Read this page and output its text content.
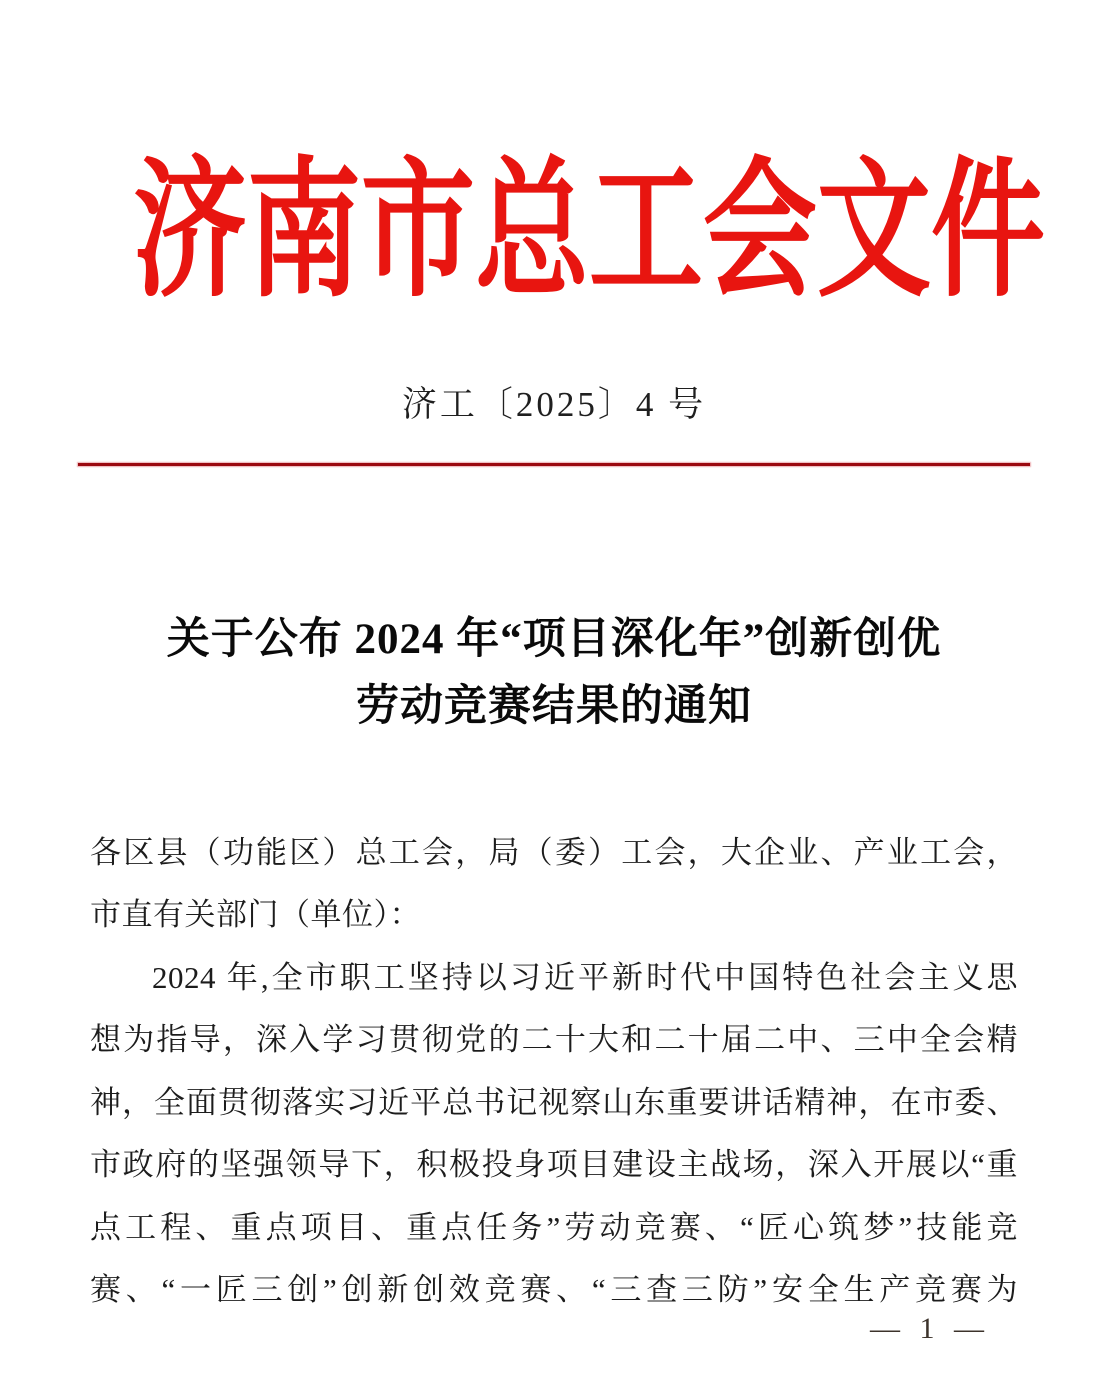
济南市总工会文件
济工〔2025〕4 号
关于公布 2024 年“项目深化年”创新创优
劳动竞赛结果的通知
各区县（功能区）总工会，局（委）工会，大企业、产业工会，
市直有关部门（单位）：
2024 年,全市职工坚持以习近平新时代中国特色社会主义思
想为指导，深入学习贯彻党的二十大和二十届二中、三中全会精
神，全面贯彻落实习近平总书记视察山东重要讲话精神，在市委、
市政府的坚强领导下，积极投身项目建设主战场，深入开展以“重
点工程、重点项目、重点任务”劳动竞赛、“匠心筑梦”技能竞
赛、“一匠三创”创新创效竞赛、“三查三防”安全生产竞赛为
— 1 —
